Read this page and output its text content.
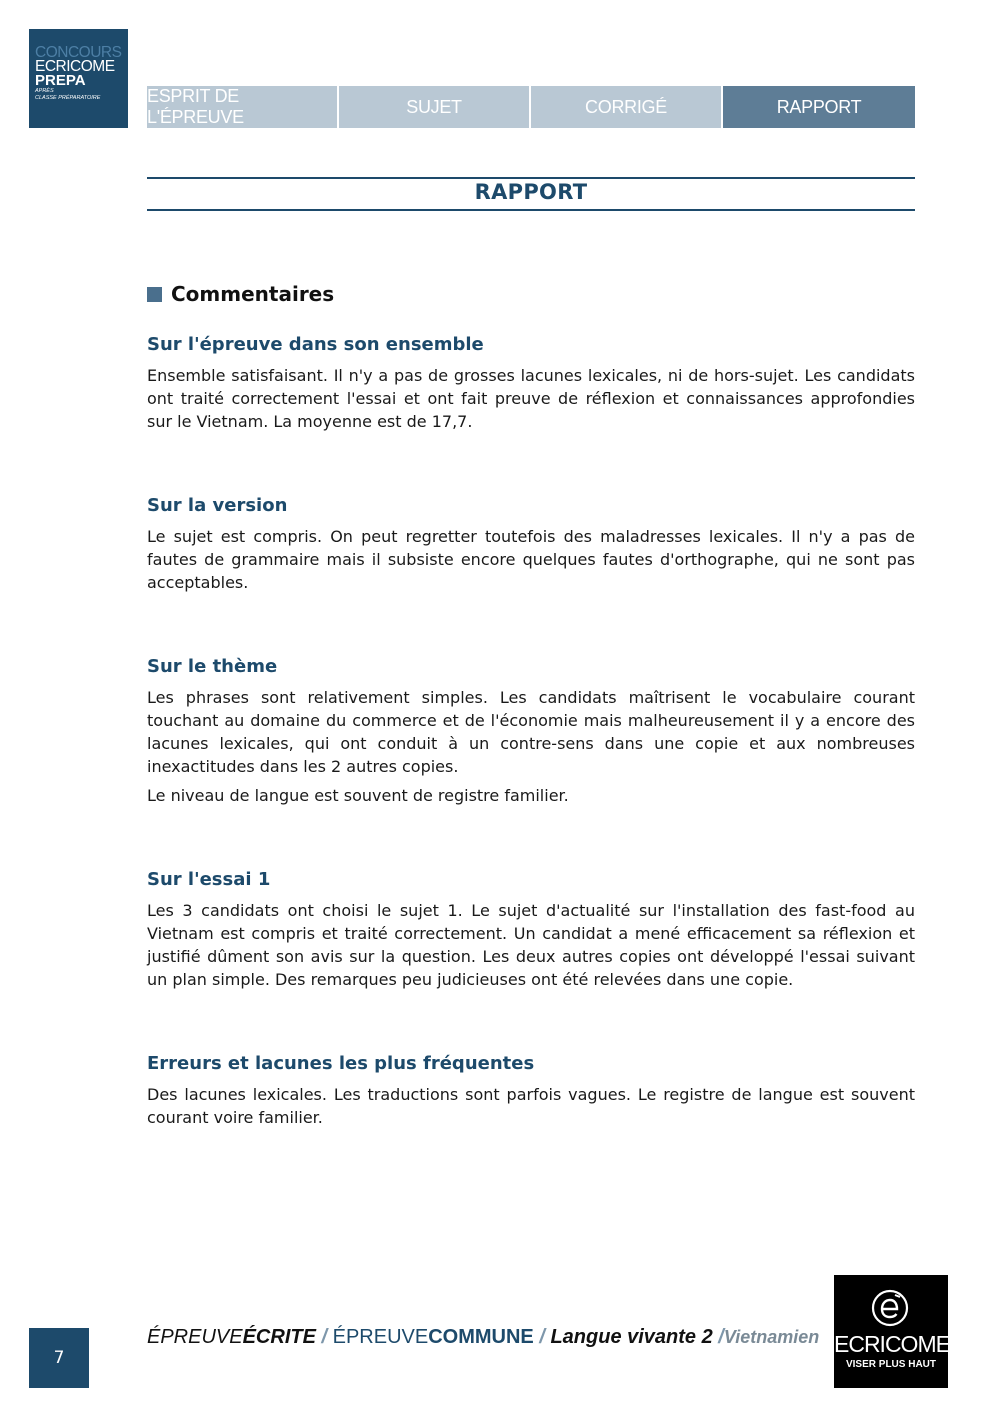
CONCOURS
ECRICOME
PREPA
APRÈS
CLASSE PRÉPARATOIRE	ESPRIT DE L'ÉPREUVE
SUJET	CORRIGÉ	RAPPORT
RAPPORT
Commentaires
Sur l'épreuve dans son ensemble

Ensemble satisfaisant. Il n'y a pas de grosses lacunes lexicales, ni de hors-sujet. Les candidats ont traité correctement l'essai et ont fait preuve de réflexion et connaissances approfondies sur le Vietnam. La moyenne est de 17,7.

Sur la version

Le sujet est compris. On peut regretter toutefois des maladresses lexicales. Il n'y a pas de fautes de grammaire mais il subsiste encore quelques fautes d'orthographe, qui ne sont pas acceptables.

Sur le thème

Les phrases sont relativement simples. Les candidats maîtrisent le vocabulaire courant touchant au domaine du commerce et de l'économie mais malheureusement il y a encore des lacunes lexicales, qui ont conduit à un contre-sens dans une copie et aux nombreuses inexactitudes dans les 2 autres copies.

Le niveau de langue est souvent de registre familier.

Sur l'essai 1

Les 3 candidats ont choisi le sujet 1. Le sujet d'actualité sur l'installation des fast-food au Vietnam est compris et traité correctement. Un candidat a mené efficacement sa réflexion et justifié dûment son avis sur la question. Les deux autres copies ont développé l'essai suivant un plan simple. Des remarques peu judicieuses ont été relevées dans une copie.

Erreurs et lacunes les plus fréquentes

Des lacunes lexicales. Les traductions sont parfois vagues. Le registre de langue est souvent courant voire familier.

7
ÉPREUVEÉCRITE / ÉPREUVECOMMUNE / Langue vivante 2 /Vietnamien ECRICOME
VISER PLUS HAUT
